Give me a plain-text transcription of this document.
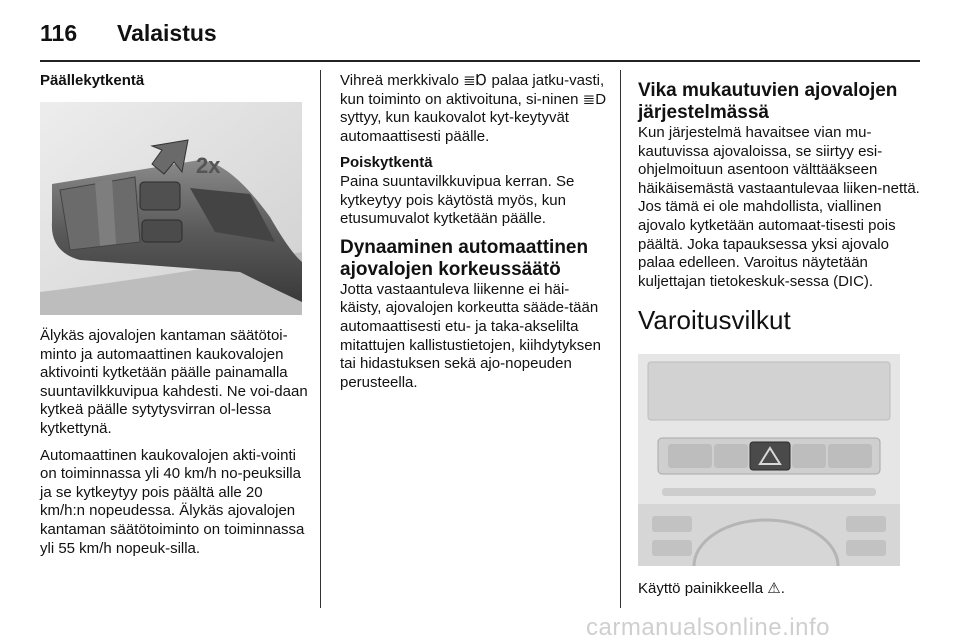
116 Valaistus
Päällekytkentä
2x

Älykäs ajovalojen kantaman säätötoi-minto ja automaattinen kaukovalojen aktivointi kytketään päälle painamalla suuntavilkkuvipua kahdesti. Ne voi-daan kytkeä päälle sytytysvirran ol-lessa kytkettynä.

Automaattinen kaukovalojen akti-vointi on toiminnassa yli 40 km/h no-peuksilla ja se kytkeytyy pois päältä alle 20 km/h:n nopeudessa. Älykäs ajovalojen kantaman säätötoiminto on toiminnassa yli 55 km/h nopeuk-silla.

Vihreä merkkivalo ≣Ɒ palaa jatku-vasti, kun toiminto on aktivoituna, si-ninen ≣D syttyy, kun kaukovalot kyt-keytyvät automaattisesti päälle.

Poiskytkentä

Paina suuntavilkkuvipua kerran. Se kytkeytyy pois käytöstä myös, kun etusumuvalot kytketään päälle.

Dynaaminen automaattinen ajovalojen korkeussäätö

Jotta vastaantuleva liikenne ei häi-käisty, ajovalojen korkeutta sääde-tään automaattisesti etu- ja taka-akselilta mitattujen kallistustietojen, kiihdytyksen tai hidastuksen sekä ajo-nopeuden perusteella.

Vika mukautuvien ajovalojen järjestelmässä

Kun järjestelmä havaitsee vian mu-kautuvissa ajovaloissa, se siirtyy esi-ohjelmoituun asentoon välttääkseen häikäisemästä vastaantulevaa liiken-nettä. Jos tämä ei ole mahdollista, viallinen ajovalo kytketään automaat-tisesti pois päältä. Joka tapauksessa yksi ajovalo palaa edelleen. Varoitus näytetään kuljettajan tietokeskuk-sessa (DIC).

Varoitusvilkut

Käyttö painikkeella ⚠.

carmanualsonline.info
